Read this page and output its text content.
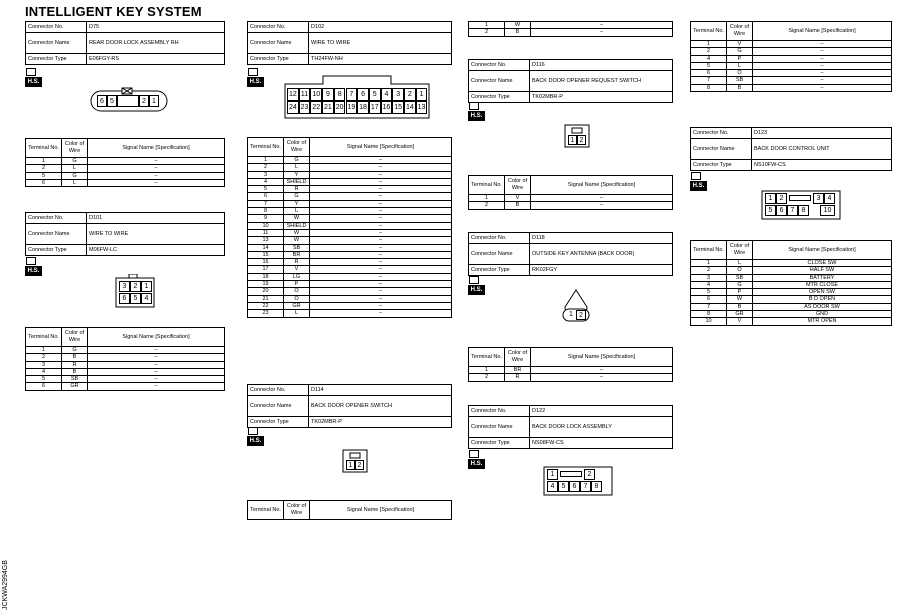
INTELLIGENT KEY SYSTEM
JCKWA2994GB
Connector No.	D75
Connector Name	REAR DOOR LOCK ASSEMBLY RH
Connector Type	E06FGY-RS
Connector No.	D101
Connector Name	WIRE TO WIRE
Connector Type	M06FW-LC
Connector No.	D102
Connector Name	WIRE TO WIRE
Connector Type	TH24FW-NH
Connector No.	D114
Connector Name	BACK DOOR OPENER SWITCH
Connector Type	TK02MBR-P
Connector No.	D116
Connector Name	BACK DOOR OPENER REQUEST SWITCH
Connector Type	TK02MBR-P
Connector No.	D118
Connector Name	OUTSIDE KEY ANTENNA (BACK DOOR)
Connector Type	RK02FGY
Connector No.	D122
Connector Name	BACK DOOR LOCK ASSEMBLY
Connector Type	NS08FW-CS
Connector No.	D123
Connector Name	BACK DOOR CONTROL UNIT
Connector Type	NS10FW-CS
H.S.
H.S.
H.S.
H.S.
H.S.
H.S.
H.S.
H.S.
6 5	2 1
3	2	1
6	5	4
12 11 10 9	8	7	6	5	4	3	2	1
24 23 22 21 20 19 18 17 16 15 14 13
1 2
1 2
1 2
1	2
4	5	6	7	8
1	2	3	4
5	6	7	8	10
Terminal No.	Color of Wire	Signal Name [Specification]
1	G	–
2	L	–
5	G	–
6	L	–
Terminal No.	Color of Wire	Signal Name [Specification]
1	G	–
2	B	–
3	R	–
4	B	–
5	SB	–
6	GR	–
Terminal No.	Color of Wire	Signal Name [Specification]
1	G	–
2	L	–
3	Y	–
4	SHIELD	–
5	R	–
6	G	–
7	Y	–
8	L	–
9	W	–
10	SHIELD	–
11	W	–
13	W	–
14	SB	–
15	BR	–
16	R	–
17	V	–
18	LG	–
19	P	–
20	O	–
21	O	–
22	GR	–
23	L	–
1	W	–
2	B	–
Terminal No.	Color of Wire	Signal Name [Specification]
1	V	–
2	B	–
Terminal No.	Color of Wire	Signal Name [Specification]
1	BR	–
2	R	–
Terminal No.	Color of Wire	Signal Name [Specification]
1	V	–
2	G	–
4	P	–
5	L	–
6	O	–
7	SB	–
8	B	–
Terminal No.	Color of Wire	Signal Name [Specification]
1	L	CLOSE SW
2	O	HALF SW
3	SB	BATTERY
4	G	MTR CLOSE
5	P	OPEN SW
6	W	B D OPEN
7	B	AS DOOR SW
8	GR	GND
10	V	MTR OPEN
Terminal No.	Color of Wire	Signal Name [Specification]
